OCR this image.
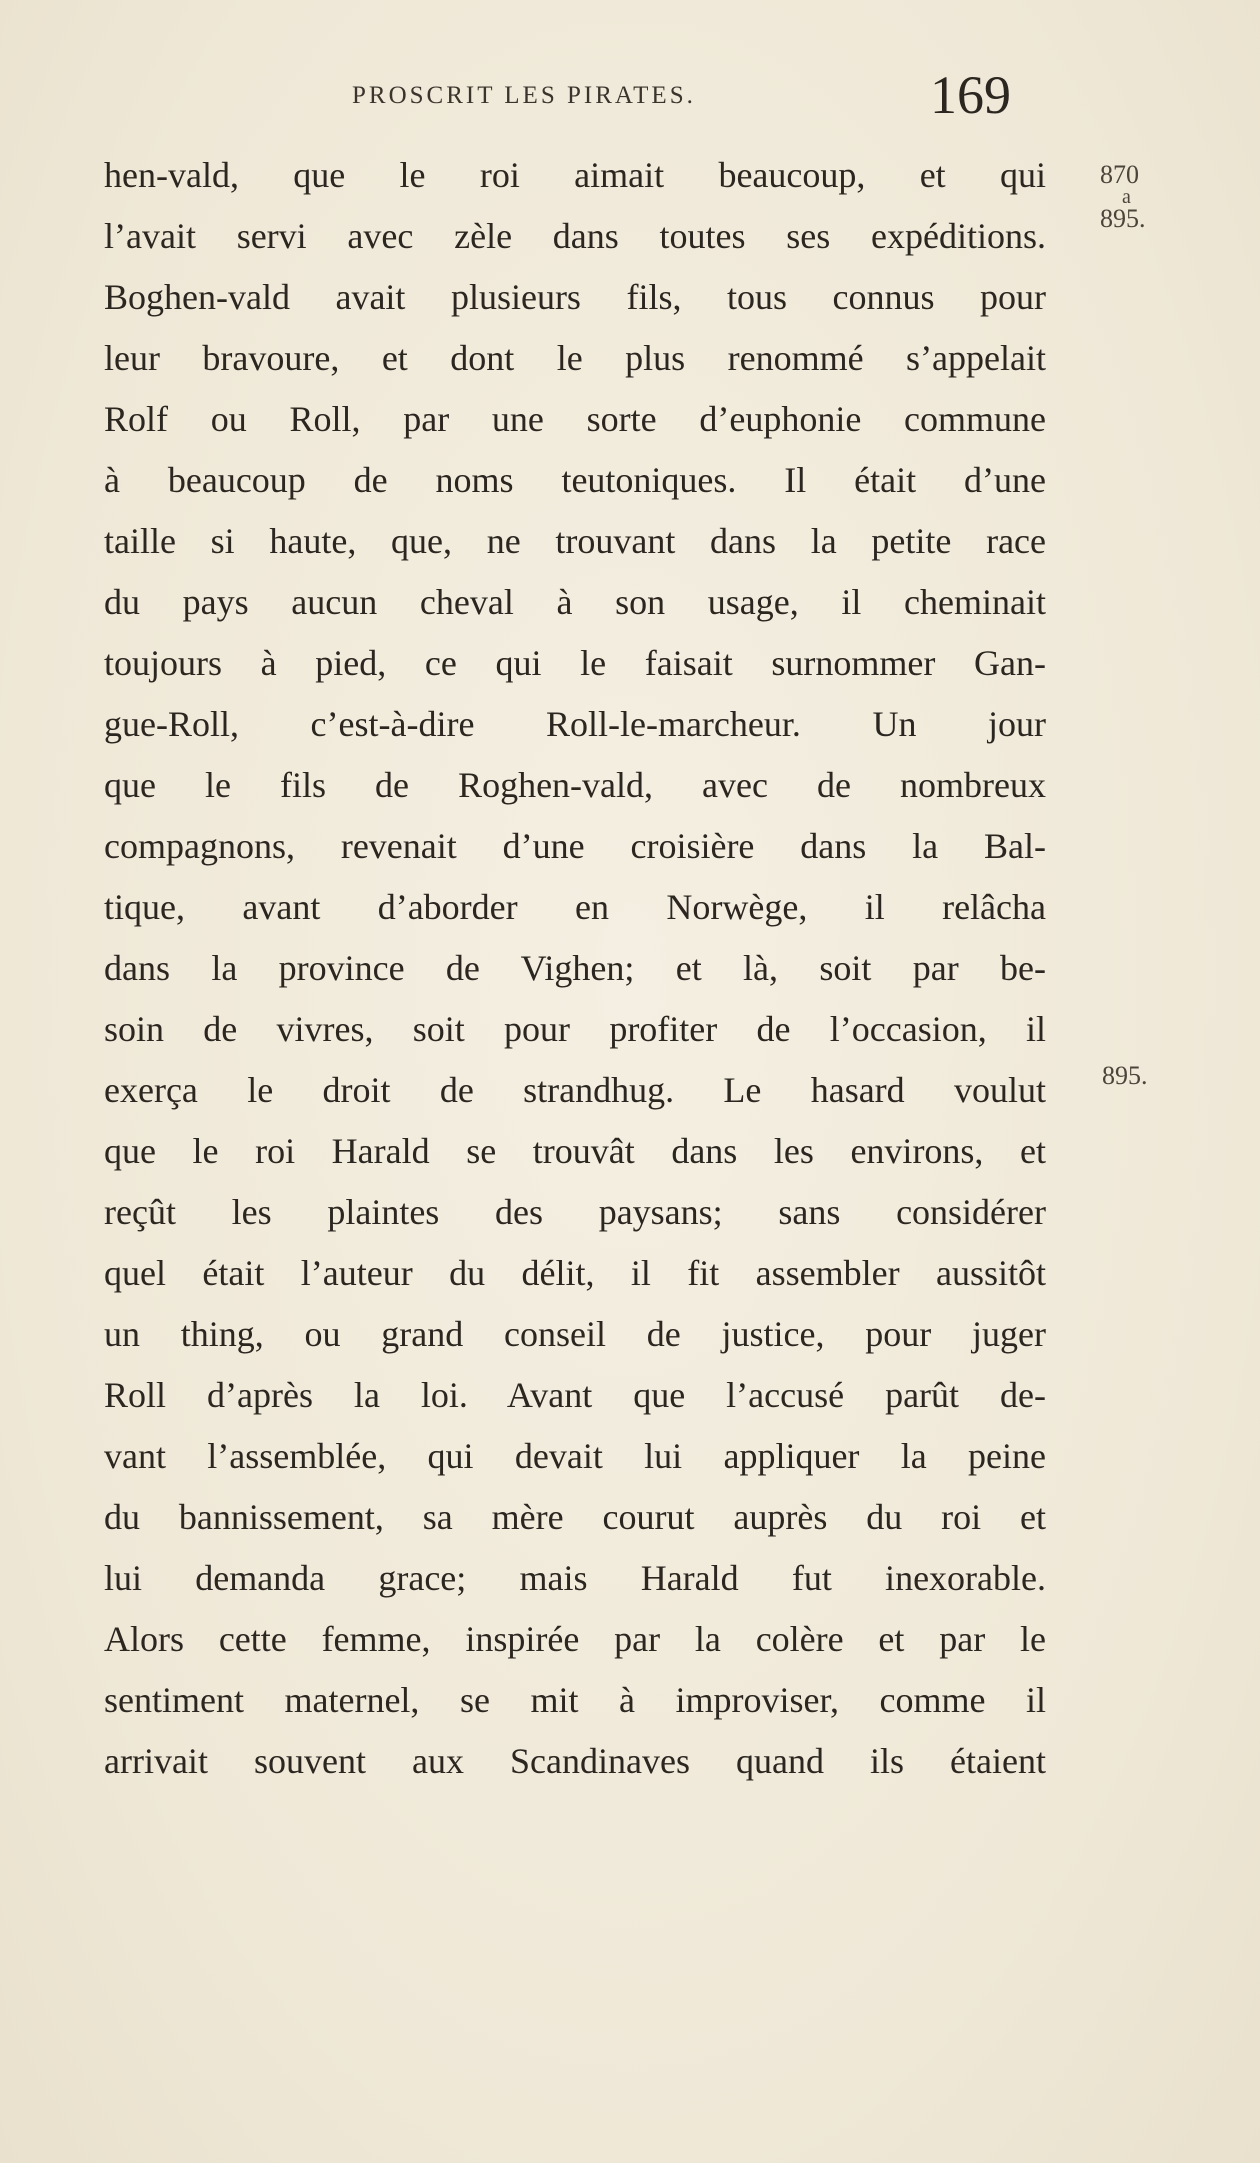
PROSCRIT LES PIRATES.	169
870
a
895.
895.
hen-vald, que le roi aimait beaucoup, et qui
l’avait servi avec zèle dans toutes ses expéditions.
Boghen-vald avait plusieurs fils, tous connus pour
leur bravoure, et dont le plus renommé s’appelait
Rolf ou Roll, par une sorte d’euphonie commune
à beaucoup de noms teutoniques. Il était d’une
taille si haute, que, ne trouvant dans la petite race
du pays aucun cheval à son usage, il cheminait
toujours à pied, ce qui le faisait surnommer Gan-
gue-Roll, c’est-à-dire Roll-le-marcheur. Un jour
que le fils de Roghen-vald, avec de nombreux
compagnons, revenait d’une croisière dans la Bal-
tique, avant d’aborder en Norwège, il relâcha
dans la province de Vighen; et là, soit par be-
soin de vivres, soit pour profiter de l’occasion, il
exerça le droit de strandhug. Le hasard voulut
que le roi Harald se trouvât dans les environs, et
reçût les plaintes des paysans; sans considérer
quel était l’auteur du délit, il fit assembler aussitôt
un thing, ou grand conseil de justice, pour juger
Roll d’après la loi. Avant que l’accusé parût de-
vant l’assemblée, qui devait lui appliquer la peine
du bannissement, sa mère courut auprès du roi et
lui demanda grace; mais Harald fut inexorable.
Alors cette femme, inspirée par la colère et par le
sentiment maternel, se mit à improviser, comme il
arrivait souvent aux Scandinaves quand ils étaient
